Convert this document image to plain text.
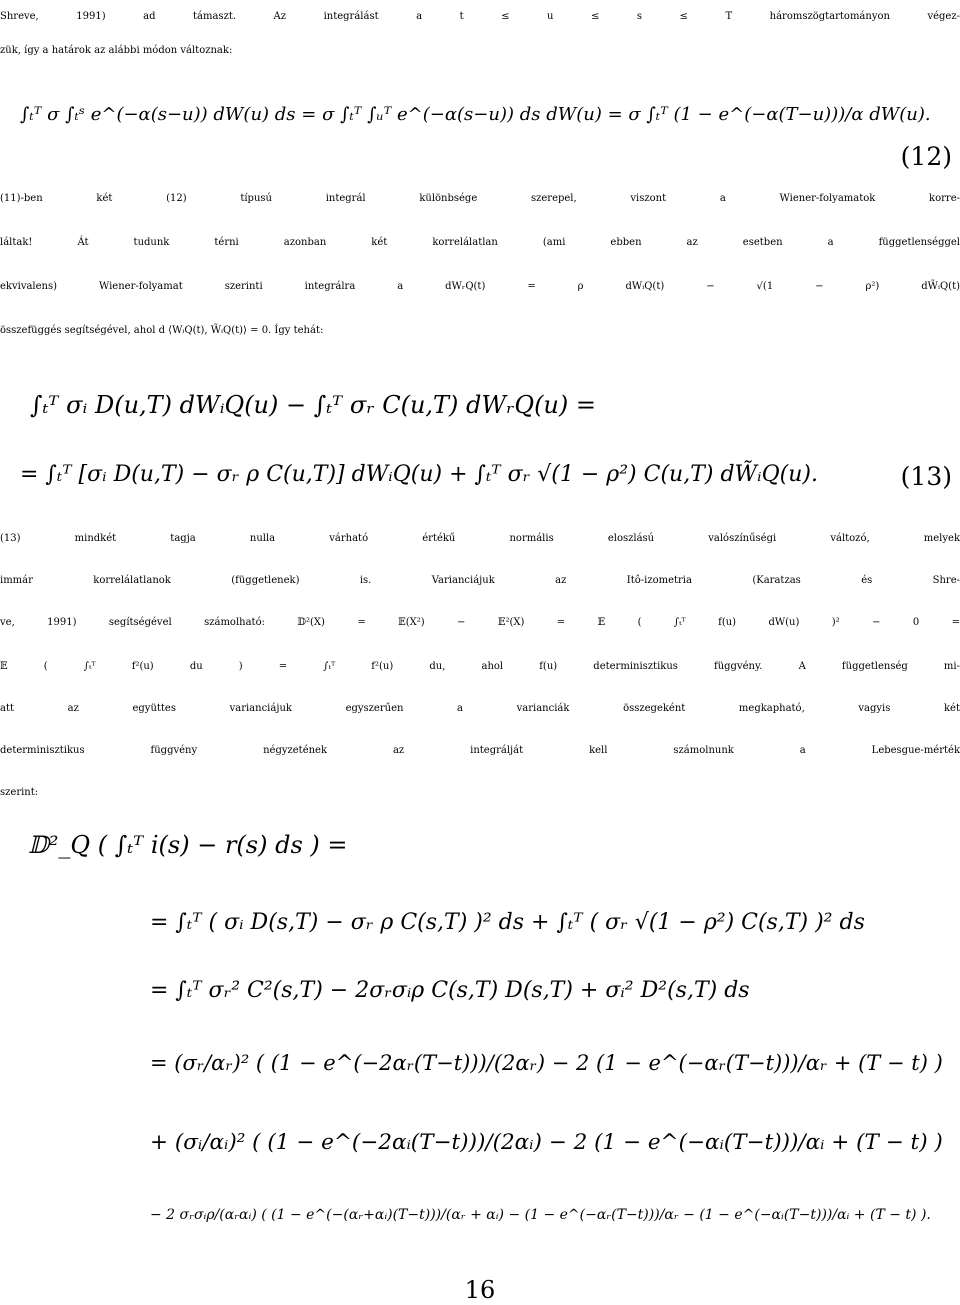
Shreve, 1991) ad támaszt. Az integrálást a t ≤ u ≤ s ≤ T háromszögtartományon végez-
zük, így a határok az alábbi módon változnak:
∫ₜᵀ σ ∫ₜˢ e^(−α(s−u)) dW(u) ds = σ ∫ₜᵀ ∫ᵤᵀ e^(−α(s−u)) ds dW(u) = σ ∫ₜᵀ (1 − e^(−α(T−u)))/α dW(u).
(12)
(11)-ben két (12) típusú integrál különbsége szerepel, viszont a Wiener-folyamatok korre-
láltak! Át tudunk térni azonban két korrelálatlan (ami ebben az esetben a függetlenséggel
ekvivalens) Wiener-folyamat szerinti integrálra a dWᵣQ(t) = ρ dWᵢQ(t) − √(1 − ρ²) dW̃ᵢQ(t)
összefüggés segítségével, ahol d ⟨WᵢQ(t), W̃ᵢQ(t)⟩ = 0. Így tehát:
∫ₜᵀ σᵢ D(u,T) dWᵢQ(u) − ∫ₜᵀ σᵣ C(u,T) dWᵣQ(u) =
= ∫ₜᵀ [σᵢ D(u,T) − σᵣ ρ C(u,T)] dWᵢQ(u) + ∫ₜᵀ σᵣ √(1 − ρ²) C(u,T) dW̃ᵢQ(u).	(13)
(13) mindkét tagja nulla várható értékű normális eloszlású valószínűségi változó, melyek
immár korrelálatlanok (függetlenek) is. Varianciájuk az Itô-izometria (Karatzas és Shre-
ve, 1991) segítségével számolható: 𝔻²(X) = 𝔼(X²) − 𝔼²(X) = 𝔼 ( ∫ₜᵀ f(u) dW(u) )² − 0 =
𝔼 ( ∫ₜᵀ f²(u) du ) = ∫ₜᵀ f²(u) du, ahol f(u) determinisztikus függvény. A függetlenség mi-
att az együttes varianciájuk egyszerűen a varianciák összegeként megkapható, vagyis két
determinisztikus függvény négyzetének az integrálját kell számolnunk a Lebesgue-mérték
szerint:
𝔻²_Q ( ∫ₜᵀ i(s) − r(s) ds ) =
= ∫ₜᵀ ( σᵢ D(s,T) − σᵣ ρ C(s,T) )² ds + ∫ₜᵀ ( σᵣ √(1 − ρ²) C(s,T) )² ds
= ∫ₜᵀ σᵣ² C²(s,T) − 2σᵣσᵢρ C(s,T) D(s,T) + σᵢ² D²(s,T) ds
= (σᵣ/αᵣ)² ( (1 − e^(−2αᵣ(T−t)))/(2αᵣ) − 2 (1 − e^(−αᵣ(T−t)))/αᵣ + (T − t) )
+ (σᵢ/αᵢ)² ( (1 − e^(−2αᵢ(T−t)))/(2αᵢ) − 2 (1 − e^(−αᵢ(T−t)))/αᵢ + (T − t) )
− 2 σᵣσᵢρ/(αᵣαᵢ) ( (1 − e^(−(αᵣ+αᵢ)(T−t)))/(αᵣ + αᵢ) − (1 − e^(−αᵣ(T−t)))/αᵣ − (1 − e^(−αᵢ(T−t)))/αᵢ + (T − t) ).
16
